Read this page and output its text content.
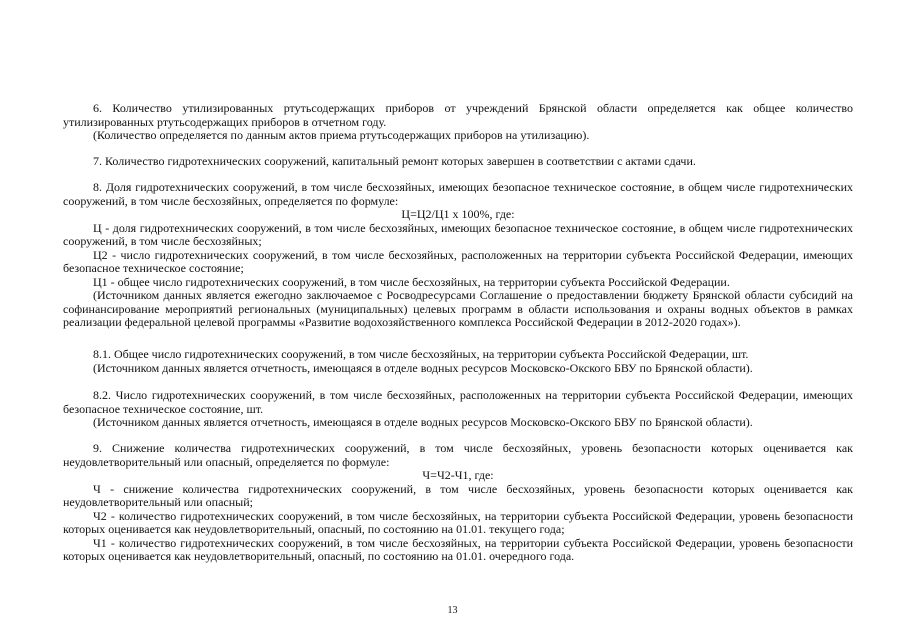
6. Количество утилизированных ртутьсодержащих приборов от учреждений Брянской области определяется как общее количество утилизированных ртутьсодержащих приборов в отчетном году.

(Количество определяется по данным актов приема ртутьсодержащих приборов на утилизацию).

7. Количество гидротехнических сооружений, капитальный ремонт которых завершен в соответствии с актами сдачи.

8. Доля гидротехнических сооружений, в том числе бесхозяйных, имеющих безопасное техническое состояние, в общем числе гидротехнических сооружений, в том числе бесхозяйных, определяется по формуле:

Ц=Ц2/Ц1 х 100%, где:

Ц - доля гидротехнических сооружений, в том числе бесхозяйных, имеющих безопасное техническое состояние, в общем числе гидротехнических сооружений, в том числе бесхозяйных;

Ц2 - число гидротехнических сооружений, в том числе бесхозяйных, расположенных на территории субъекта Российской Федерации, имеющих безопасное техническое состояние;

Ц1 - общее число гидротехнических сооружений, в том числе бесхозяйных, на территории субъекта Российской Федерации.

(Источником данных является ежегодно заключаемое с Росводресурсами Соглашение о предоставлении бюджету Брянской области субсидий на софинансирование мероприятий региональных (муниципальных) целевых программ в области использования и охраны водных объектов в рамках реализации федеральной целевой программы «Развитие водохозяйственного комплекса Российской Федерации в 2012-2020 годах»).

8.1. Общее число гидротехнических сооружений, в том числе бесхозяйных, на территории субъекта Российской Федерации, шт.

(Источником данных является отчетность, имеющаяся в отделе водных ресурсов Московско-Окского БВУ по Брянской области).

8.2. Число гидротехнических сооружений, в том числе бесхозяйных, расположенных на территории субъекта Российской Федерации, имеющих безопасное техническое состояние, шт.

(Источником данных является отчетность, имеющаяся в отделе водных ресурсов Московско-Окского БВУ по Брянской области).

9. Снижение количества гидротехнических сооружений, в том числе бесхозяйных, уровень безопасности которых оценивается как неудовлетворительный или опасный, определяется по формуле:

Ч=Ч2-Ч1, где:

Ч - снижение количества гидротехнических сооружений, в том числе бесхозяйных, уровень безопасности которых оценивается как неудовлетворительный или опасный;

Ч2 - количество гидротехнических сооружений, в том числе бесхозяйных, на территории субъекта Российской Федерации, уровень безопасности которых оценивается как неудовлетворительный, опасный, по состоянию на 01.01. текущего года;

Ч1 - количество гидротехнических сооружений, в том числе бесхозяйных, на территории субъекта Российской Федерации, уровень безопасности которых оценивается как неудовлетворительный, опасный, по состоянию на 01.01. очередного года.

13
